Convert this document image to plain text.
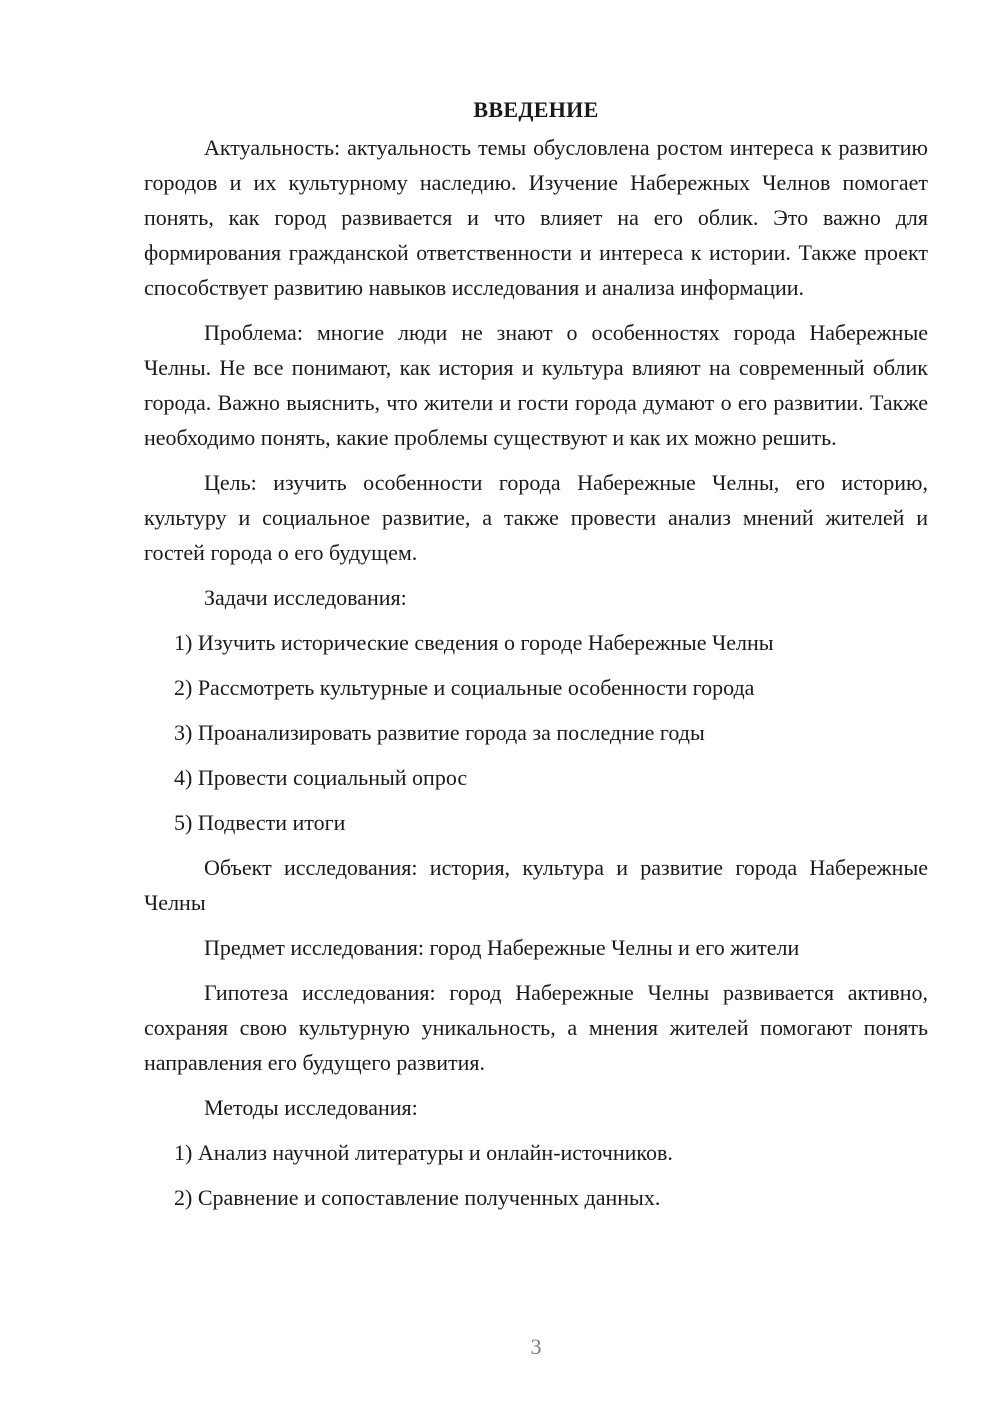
ВВЕДЕНИЕ

Актуальность: актуальность темы обусловлена ростом интереса к развитию городов и их культурному наследию. Изучение Набережных Челнов помогает понять, как город развивается и что влияет на его облик. Это важно для формирования гражданской ответственности и интереса к истории. Также проект способствует развитию навыков исследования и анализа информации.

Проблема: многие люди не знают о особенностях города Набережные Челны. Не все понимают, как история и культура влияют на современный облик города. Важно выяснить, что жители и гости города думают о его развитии. Также необходимо понять, какие проблемы существуют и как их можно решить.

Цель: изучить особенности города Набережные Челны, его историю, культуру и социальное развитие, а также провести анализ мнений жителей и гостей города о его будущем.

Задачи исследования:

1) Изучить исторические сведения о городе Набережные Челны

2) Рассмотреть культурные и социальные особенности города

3) Проанализировать развитие города за последние годы

4) Провести социальный опрос

5) Подвести итоги

Объект исследования: история, культура и развитие города Набережные Челны

Предмет исследования: город Набережные Челны и его жители

Гипотеза исследования: город Набережные Челны развивается активно, сохраняя свою культурную уникальность, а мнения жителей помогают понять направления его будущего развития.

Методы исследования:

1) Анализ научной литературы и онлайн-источников.

2) Сравнение и сопоставление полученных данных.

3
